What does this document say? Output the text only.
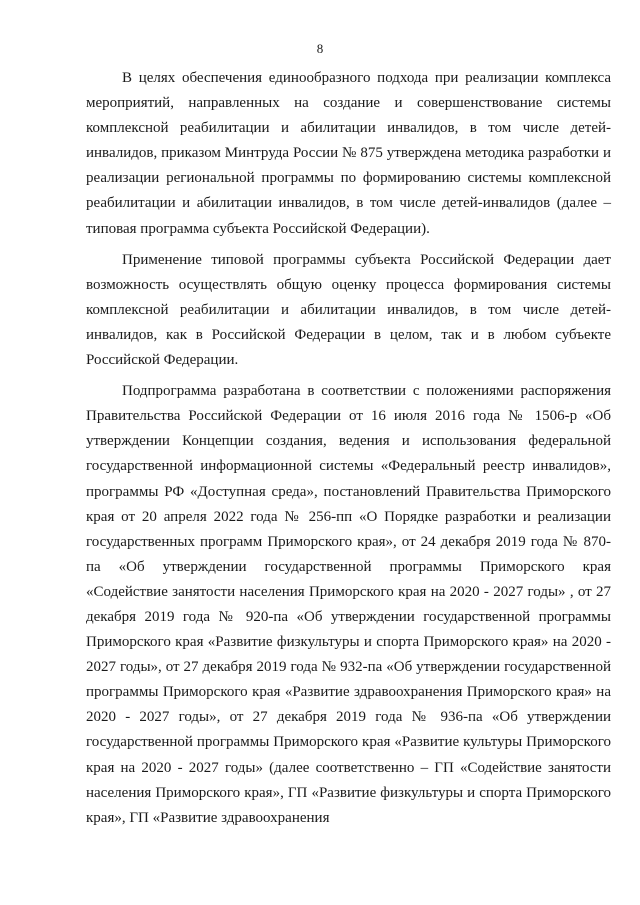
8

В целях обеспечения единообразного подхода при реализации комплекса мероприятий, направленных на создание и совершенствование системы комплексной реабилитации и абилитации инвалидов, в том числе детей-инвалидов, приказом Минтруда России № 875 утверждена методика разработки и реализации региональной программы по формированию системы комплексной реабилитации и абилитации инвалидов, в том числе детей-инвалидов (далее – типовая программа субъекта Российской Федерации).

Применение типовой программы субъекта Российской Федерации дает возможность осуществлять общую оценку процесса формирования системы комплексной реабилитации и абилитации инвалидов, в том числе детей-инвалидов, как в Российской Федерации в целом, так и в любом субъекте Российской Федерации.

Подпрограмма разработана в соответствии с положениями распоряжения Правительства Российской Федерации от 16 июля 2016 года № 1506-р «Об утверждении Концепции создания, ведения и использования федеральной государственной информационной системы «Федеральный реестр инвалидов», программы РФ «Доступная среда», постановлений Правительства Приморского края от 20 апреля 2022 года № 256-пп «О Порядке разработки и реализации государственных программ Приморского края», от 24 декабря 2019 года № 870-па «Об утверждении государственной программы Приморского края «Содействие занятости населения Приморского края на 2020 - 2027 годы» , от 27 декабря 2019 года № 920-па «Об утверждении государственной программы Приморского края «Развитие физкультуры и спорта Приморского края» на 2020 - 2027 годы», от 27 декабря 2019 года № 932-па «Об утверждении государственной программы Приморского края «Развитие здравоохранения Приморского края» на 2020 - 2027 годы», от 27 декабря 2019 года № 936-па «Об утверждении государственной программы Приморского края «Развитие культуры Приморского края на 2020 - 2027 годы» (далее соответственно – ГП «Содействие занятости населения Приморского края», ГП «Развитие физкультуры и спорта Приморского края», ГП «Развитие здравоохранения
